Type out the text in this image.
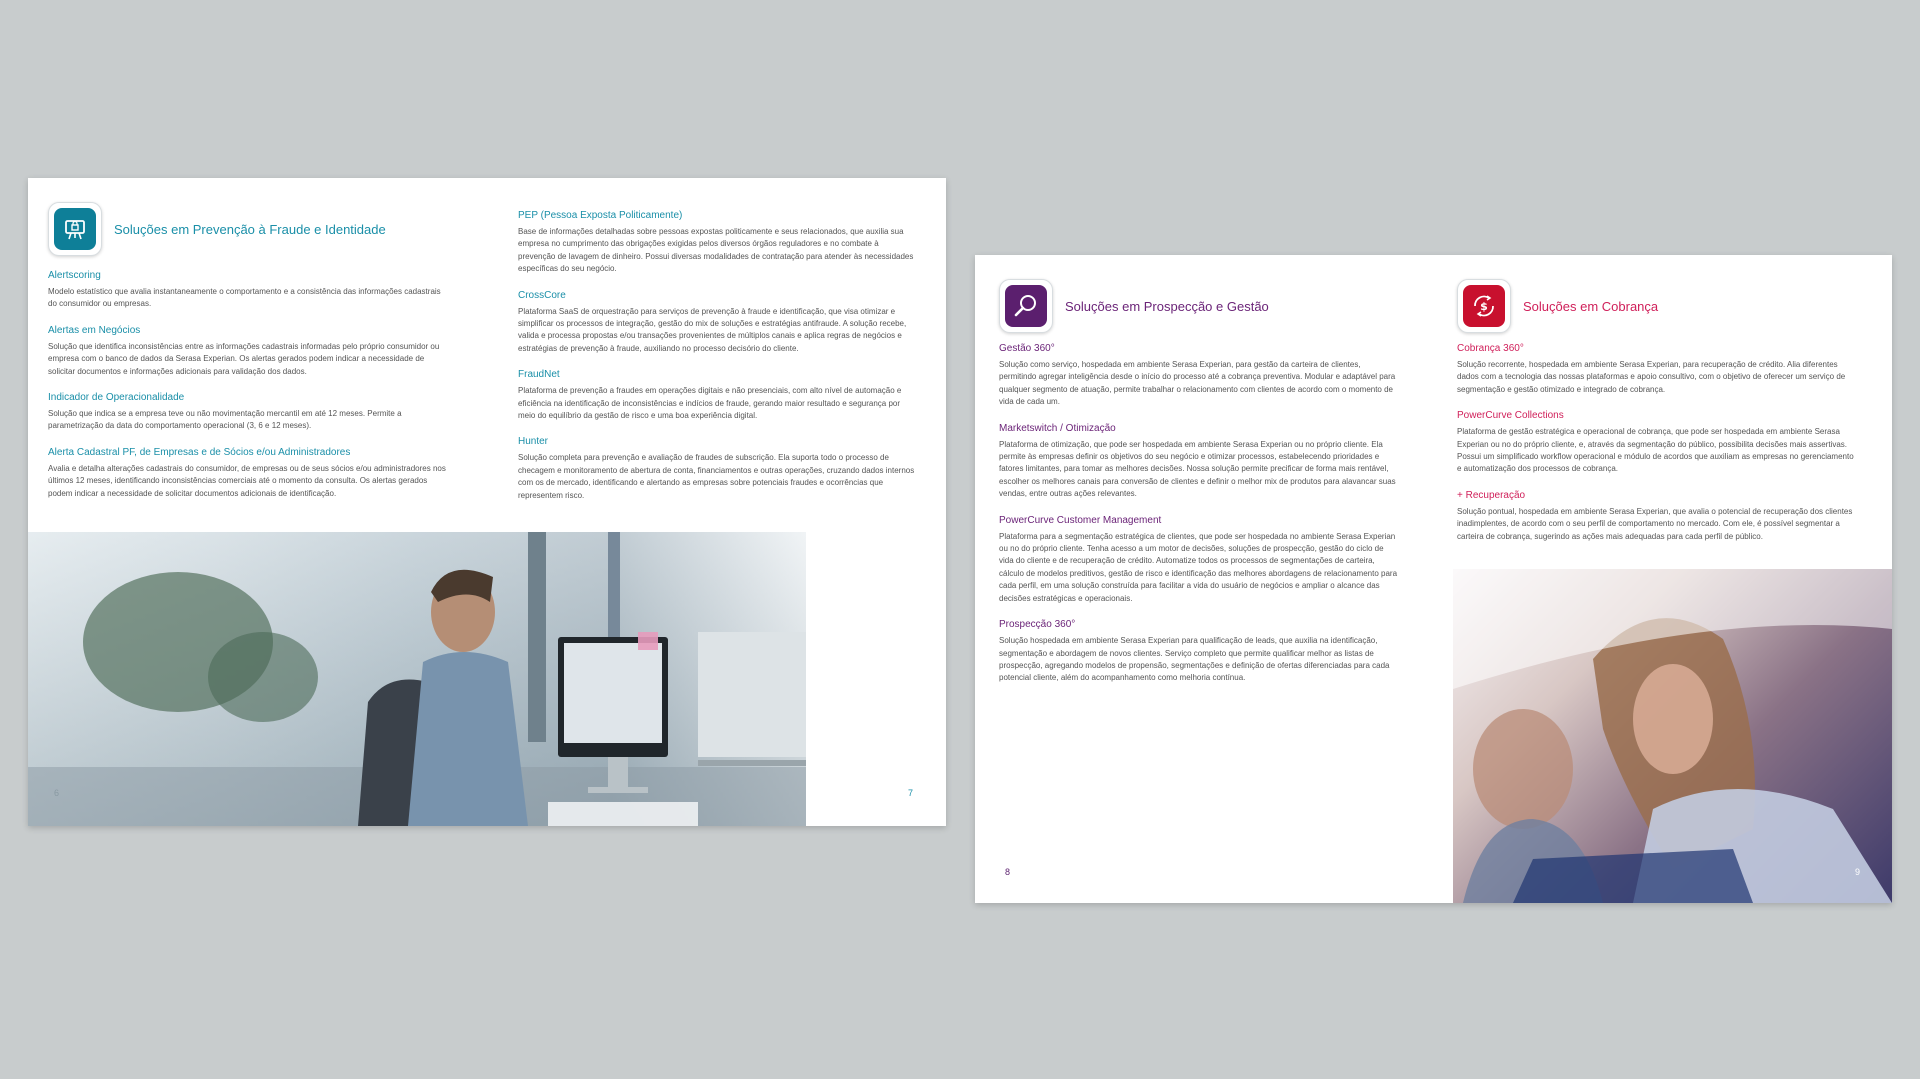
Soluções em Prevenção à Fraude e Identidade
Alertscoring
Modelo estatístico que avalia instantaneamente o comportamento e a consistência das informações cadastrais do consumidor ou empresas.
Alertas em Negócios
Solução que identifica inconsistências entre as informações cadastrais informadas pelo próprio consumidor ou empresa com o banco de dados da Serasa Experian. Os alertas gerados podem indicar a necessidade de solicitar documentos e informações adicionais para validação dos dados.
Indicador de Operacionalidade
Solução que indica se a empresa teve ou não movimentação mercantil em até 12 meses. Permite a parametrização da data do comportamento operacional (3, 6 e 12 meses).
Alerta Cadastral PF, de Empresas e de Sócios e/ou Administradores
Avalia e detalha alterações cadastrais do consumidor, de empresas ou de seus sócios e/ou administradores nos últimos 12 meses, identificando inconsistências comerciais até o momento da consulta. Os alertas gerados podem indicar a necessidade de solicitar documentos adicionais de identificação.
PEP (Pessoa Exposta Politicamente)
Base de informações detalhadas sobre pessoas expostas politicamente e seus relacionados, que auxilia sua empresa no cumprimento das obrigações exigidas pelos diversos órgãos reguladores e no combate à prevenção de lavagem de dinheiro. Possui diversas modalidades de contratação para atender às necessidades específicas do seu negócio.
CrossCore
Plataforma SaaS de orquestração para serviços de prevenção à fraude e identificação, que visa otimizar e simplificar os processos de integração, gestão do mix de soluções e estratégias antifraude. A solução recebe, valida e processa propostas e/ou transações provenientes de múltiplos canais e aplica regras de negócios e estratégias de prevenção à fraude, auxiliando no processo decisório do cliente.
FraudNet
Plataforma de prevenção a fraudes em operações digitais e não presenciais, com alto nível de automação e eficiência na identificação de inconsistências e indícios de fraude, gerando maior resultado e segurança por meio do equilíbrio da gestão de risco e uma boa experiência digital.
Hunter
Solução completa para prevenção e avaliação de fraudes de subscrição. Ela suporta todo o processo de checagem e monitoramento de abertura de conta, financiamentos e outras operações, cruzando dados internos com os de mercado, identificando e alertando as empresas sobre potenciais fraudes e ocorrências que representem risco.
6	7
Soluções em Prospecção e Gestão
Gestão 360°
Solução como serviço, hospedada em ambiente Serasa Experian, para gestão da carteira de clientes, permitindo agregar inteligência desde o início do processo até a cobrança preventiva. Modular e adaptável para qualquer segmento de atuação, permite trabalhar o relacionamento com clientes de acordo com o momento de vida de cada um.
Marketswitch / Otimização
Plataforma de otimização, que pode ser hospedada em ambiente Serasa Experian ou no próprio cliente. Ela permite às empresas definir os objetivos do seu negócio e otimizar processos, estabelecendo prioridades e fatores limitantes, para tomar as melhores decisões. Nossa solução permite precificar de forma mais rentável, escolher os melhores canais para conversão de clientes e definir o melhor mix de produtos para alavancar suas vendas, entre outras ações relevantes.
PowerCurve Customer Management
Plataforma para a segmentação estratégica de clientes, que pode ser hospedada no ambiente Serasa Experian ou no do próprio cliente. Tenha acesso a um motor de decisões, soluções de prospecção, gestão do ciclo de vida do cliente e de recuperação de crédito. Automatize todos os processos de segmentações de carteira, cálculo de modelos preditivos, gestão de risco e identificação das melhores abordagens de relacionamento para cada perfil, em uma solução construída para facilitar a vida do usuário de negócios e ampliar o alcance das decisões estratégicas e operacionais.
Prospecção 360°
Solução hospedada em ambiente Serasa Experian para qualificação de leads, que auxilia na identificação, segmentação e abordagem de novos clientes. Serviço completo que permite qualificar melhor as listas de prospecção, agregando modelos de propensão, segmentações e definição de ofertas diferenciadas para cada potencial cliente, além do acompanhamento como melhoria contínua.
$	Soluções em Cobrança
Cobrança 360°
Solução recorrente, hospedada em ambiente Serasa Experian, para recuperação de crédito. Alia diferentes dados com a tecnologia das nossas plataformas e apoio consultivo, com o objetivo de oferecer um serviço de segmentação e gestão otimizado e integrado de cobrança.
PowerCurve Collections
Plataforma de gestão estratégica e operacional de cobrança, que pode ser hospedada em ambiente Serasa Experian ou no do próprio cliente, e, através da segmentação do público, possibilita decisões mais assertivas. Possui um simplificado workflow operacional e módulo de acordos que auxiliam as empresas no gerenciamento e automatização dos processos de cobrança.
+ Recuperação
Solução pontual, hospedada em ambiente Serasa Experian, que avalia o potencial de recuperação dos clientes inadimplentes, de acordo com o seu perfil de comportamento no mercado. Com ele, é possível segmentar a carteira de cobrança, sugerindo as ações mais adequadas para cada perfil de público.
8	9
